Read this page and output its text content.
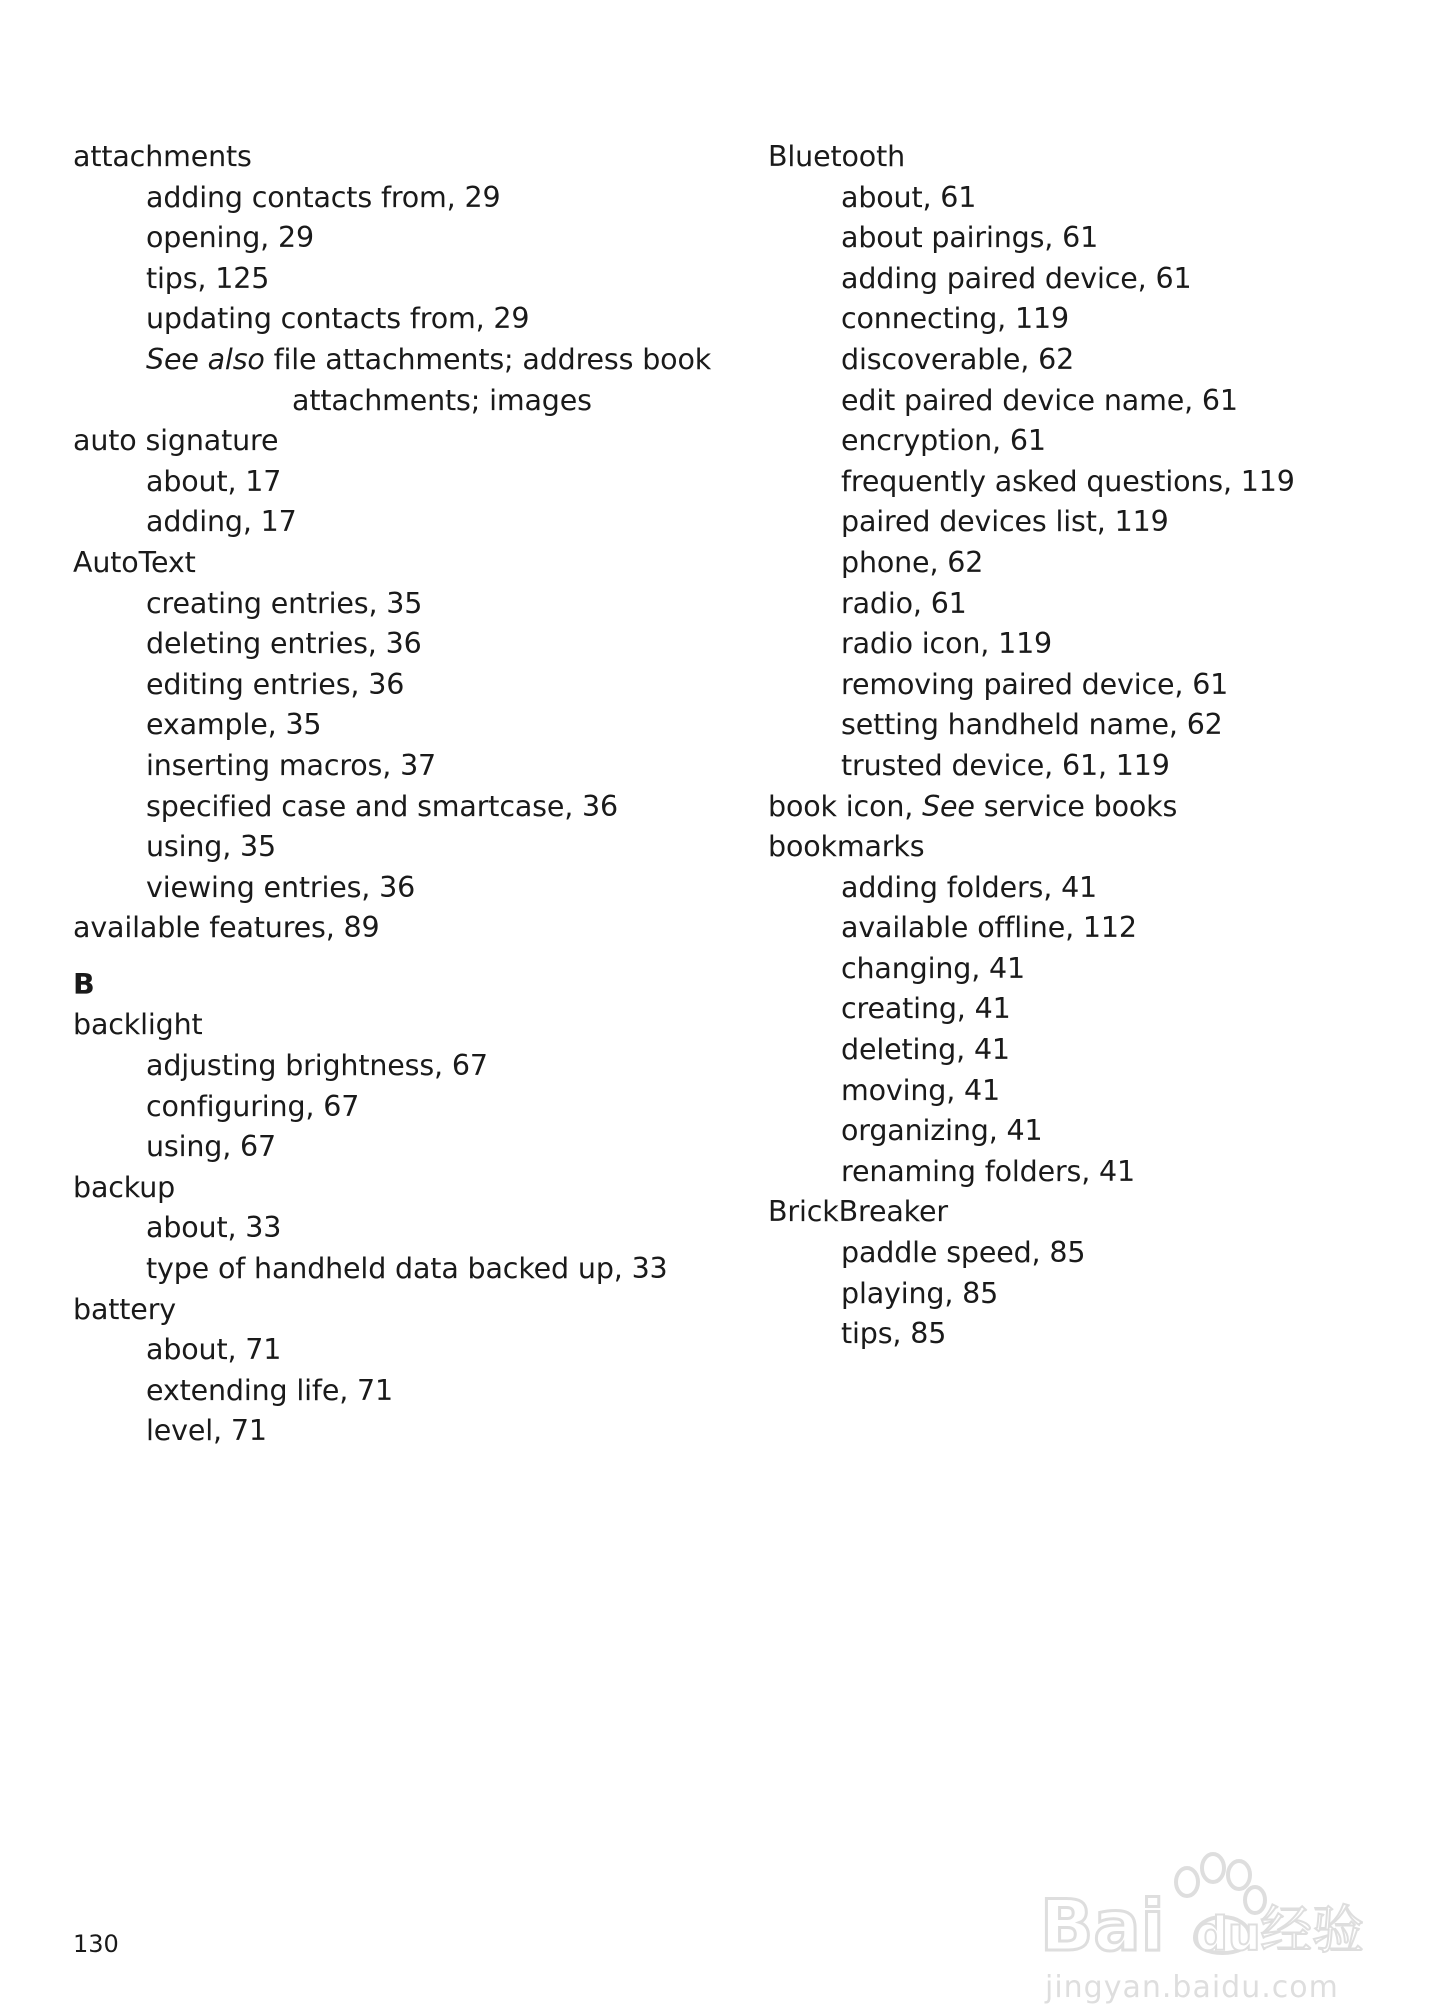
attachments
adding contacts from, 29
opening, 29
tips, 125
updating contacts from, 29
See also file attachments; address book
attachments; images
auto signature
about, 17
adding, 17
AutoText
creating entries, 35
deleting entries, 36
editing entries, 36
example, 35
inserting macros, 37
specified case and smartcase, 36
using, 35
viewing entries, 36
available features, 89
B
backlight
adjusting brightness, 67
configuring, 67
using, 67
backup
about, 33
type of handheld data backed up, 33
battery
about, 71
extending life, 71
level, 71
Bluetooth
about, 61
about pairings, 61
adding paired device, 61
connecting, 119
discoverable, 62
edit paired device name, 61
encryption, 61
frequently asked questions, 119
paired devices list, 119
phone, 62
radio, 61
radio icon, 119
removing paired device, 61
setting handheld name, 62
trusted device, 61, 119
book icon, See service books
bookmarks
adding folders, 41
available offline, 112
changing, 41
creating, 41
deleting, 41
moving, 41
organizing, 41
renaming folders, 41
BrickBreaker
paddle speed, 85
playing, 85
tips, 85
130	Bai du 经验
jingyan.baidu.com
